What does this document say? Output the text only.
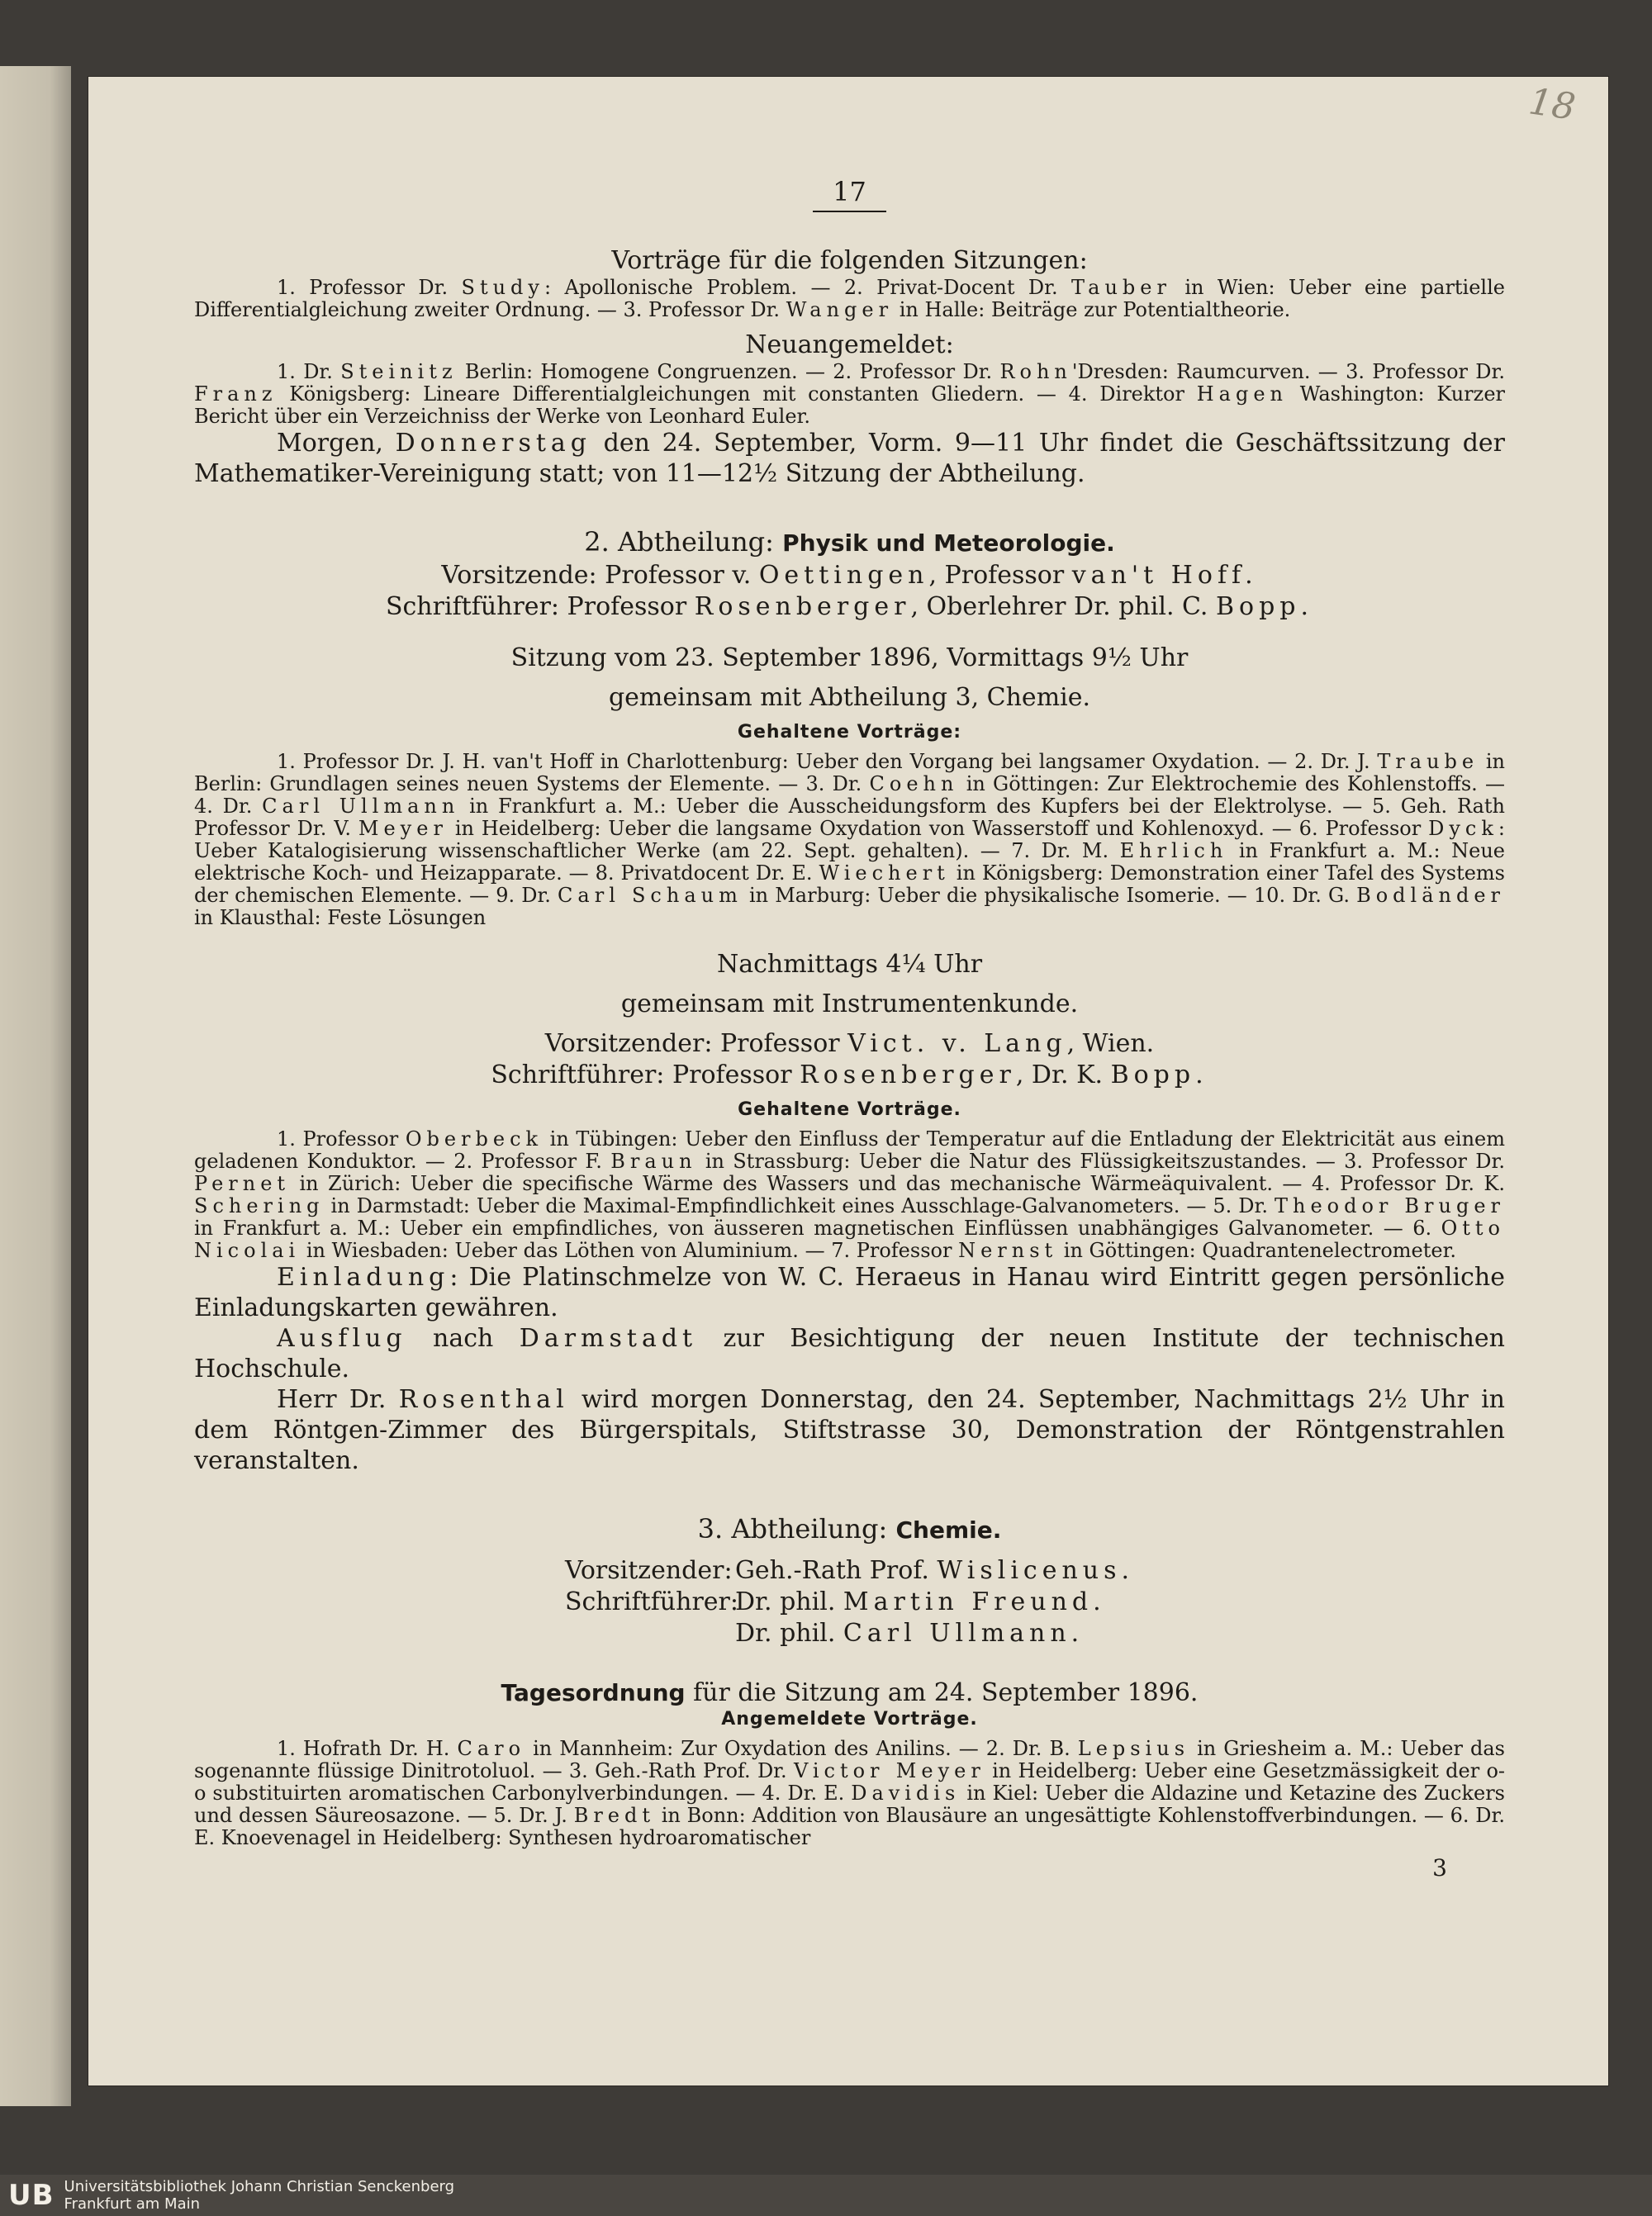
18
17
Vorträge für die folgenden Sitzungen:

1. Professor Dr. Study: Apollonische Problem. — 2. Privat-Docent Dr. Tauber in Wien: Ueber eine partielle Differentialgleichung zweiter Ordnung. — 3. Professor Dr. Wanger in Halle: Beiträge zur Potentialtheorie.

Neuangemeldet:

1. Dr. Steinitz Berlin: Homogene Congruenzen. — 2. Professor Dr. Rohn'Dresden: Raumcurven. — 3. Professor Dr. Franz Königsberg: Lineare Differentialgleichungen mit constanten Gliedern. — 4. Direktor Hagen Washington: Kurzer Bericht über ein Verzeichniss der Werke von Leonhard Euler.

Morgen, Donnerstag den 24. September, Vorm. 9—11 Uhr findet die Geschäftssitzung der Mathematiker-Vereinigung statt; von 11—12½ Sitzung der Abtheilung.

2. Abtheilung: Physik und Meteorologie.
Vorsitzende: Professor v. Oettingen, Professor van't Hoff.
Schriftführer: Professor Rosenberger, Oberlehrer Dr. phil. C. Bopp.
Sitzung vom 23. September 1896, Vormittags 9½ Uhr
gemeinsam mit Abtheilung 3, Chemie.
Gehaltene Vorträge:

1. Professor Dr. J. H. van't Hoff in Charlottenburg: Ueber den Vorgang bei langsamer Oxydation. — 2. Dr. J. Traube in Berlin: Grundlagen seines neuen Systems der Elemente. — 3. Dr. Coehn in Göttingen: Zur Elektrochemie des Kohlenstoffs. — 4. Dr. Carl Ullmann in Frankfurt a. M.: Ueber die Ausscheidungsform des Kupfers bei der Elektrolyse. — 5. Geh. Rath Professor Dr. V. Meyer in Heidelberg: Ueber die langsame Oxydation von Wasserstoff und Kohlenoxyd. — 6. Professor Dyck: Ueber Katalogisierung wissenschaftlicher Werke (am 22. Sept. gehalten). — 7. Dr. M. Ehrlich in Frankfurt a. M.: Neue elektrische Koch- und Heizapparate. — 8. Privatdocent Dr. E. Wiechert in Königsberg: Demonstration einer Tafel des Systems der chemischen Elemente. — 9. Dr. Carl Schaum in Marburg: Ueber die physikalische Isomerie. — 10. Dr. G. Bodländer in Klausthal: Feste Lösungen

Nachmittags 4¼ Uhr
gemeinsam mit Instrumentenkunde.
Vorsitzender: Professor Vict. v. Lang, Wien.
Schriftführer: Professor Rosenberger, Dr. K. Bopp.
Gehaltene Vorträge.

1. Professor Oberbeck in Tübingen: Ueber den Einfluss der Temperatur auf die Entladung der Elektricität aus einem geladenen Konduktor. — 2. Professor F. Braun in Strassburg: Ueber die Natur des Flüssigkeitszustandes. — 3. Professor Dr. Pernet in Zürich: Ueber die specifische Wärme des Wassers und das mechanische Wärmeäquivalent. — 4. Professor Dr. K. Schering in Darmstadt: Ueber die Maximal-Empfindlichkeit eines Ausschlage-Galvanometers. — 5. Dr. Theodor Bruger in Frankfurt a. M.: Ueber ein empfindliches, von äusseren magnetischen Einflüssen unabhängiges Galvanometer. — 6. Otto Nicolai in Wiesbaden: Ueber das Löthen von Aluminium. — 7. Professor Nernst in Göttingen: Quadrantenelectrometer.

Einladung: Die Platinschmelze von W. C. Heraeus in Hanau wird Eintritt gegen persönliche Einladungskarten gewähren.

Ausflug nach Darmstadt zur Besichtigung der neuen Institute der technischen Hochschule.

Herr Dr. Rosenthal wird morgen Donnerstag, den 24. September, Nachmittags 2½ Uhr in dem Röntgen-Zimmer des Bürgerspitals, Stiftstrasse 30, Demonstration der Röntgenstrahlen veranstalten.

3. Abtheilung: Chemie.
Vorsitzender: Geh.-Rath Prof. Wislicenus.
Schriftführer:
Dr. phil. Martin Freund.
Dr. phil. Carl Ullmann.
Tagesordnung für die Sitzung am 24. September 1896.
Angemeldete Vorträge.

1. Hofrath Dr. H. Caro in Mannheim: Zur Oxydation des Anilins. — 2. Dr. B. Lepsius in Griesheim a. M.: Ueber das sogenannte flüssige Dinitrotoluol. — 3. Geh.-Rath Prof. Dr. Victor Meyer in Heidelberg: Ueber eine Gesetzmässigkeit der o-o substituirten aromatischen Carbonylverbindungen. — 4. Dr. E. Davidis in Kiel: Ueber die Aldazine und Ketazine des Zuckers und dessen Säureosazone. — 5. Dr. J. Bredt in Bonn: Addition von Blausäure an ungesättigte Kohlenstoffverbindungen. — 6. Dr. E. Knoevenagel in Heidelberg: Synthesen hydroaromatischer

3
UB Universitätsbibliothek Johann Christian Senckenberg
Frankfurt am Main
